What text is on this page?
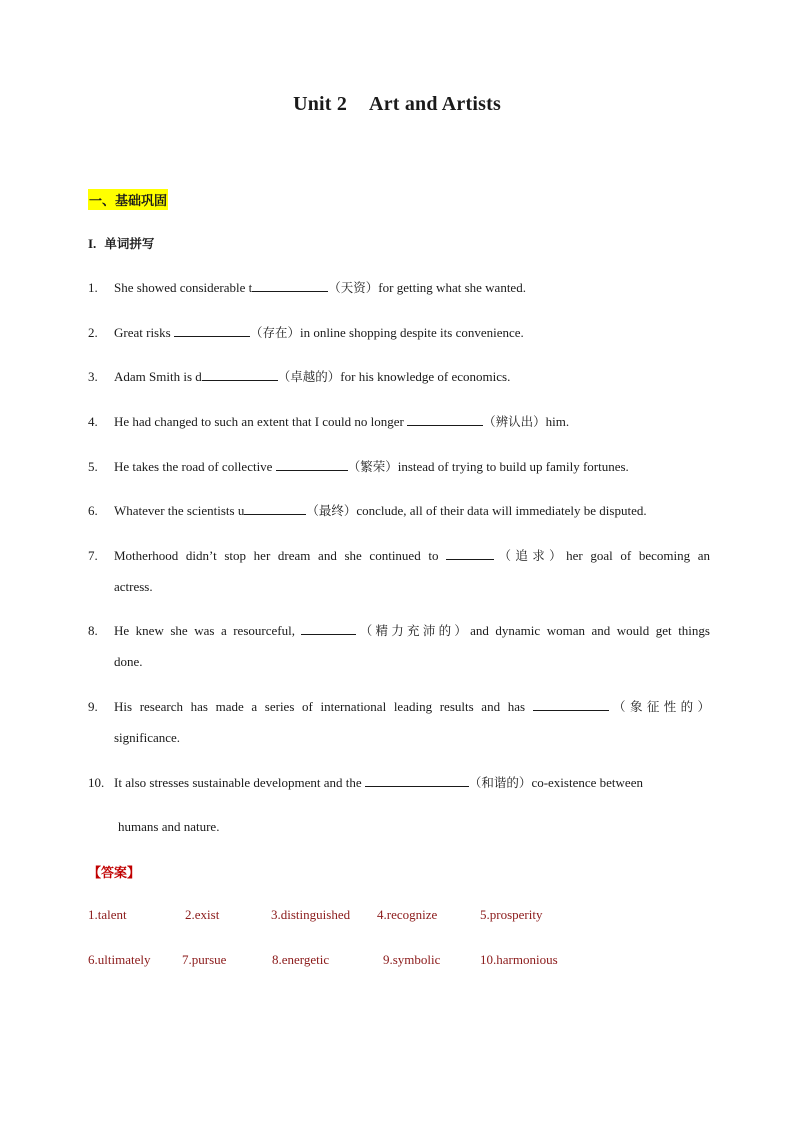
Unit 2 Art and Artists
一、基础巩固
I. 单词拼写
1. She showed considerable t	（天资）for getting what she wanted.
2. Great risks	（存在）in online shopping despite its convenience.
3. Adam Smith is d	（卓越的）for his knowledge of economics.
4. He had changed to such an extent that I could no longer	（辨认出）him.
5. He takes the road of collective	（繁荣）instead of trying to build up family fortunes.
6. Whatever the scientists u	（最终）conclude, all of their data will immediately be disputed.
7. Motherhood didn’t stop her dream and she continued to	（追求）her goal of becoming an
actress.
8. He knew she was a resourceful,	（精力充沛的）and dynamic woman and would get things
done.
9. His research has made a series of international leading results and has	（象征性的）
significance.
10. It also stresses sustainable development and the	（和谐的）co-existence between
humans and nature.
【答案】
1.talent	2.exist	3.distinguished 4.recognize	5.prosperity
6.ultimately 7.pursue	8.energetic	9.symbolic	10.harmonious
